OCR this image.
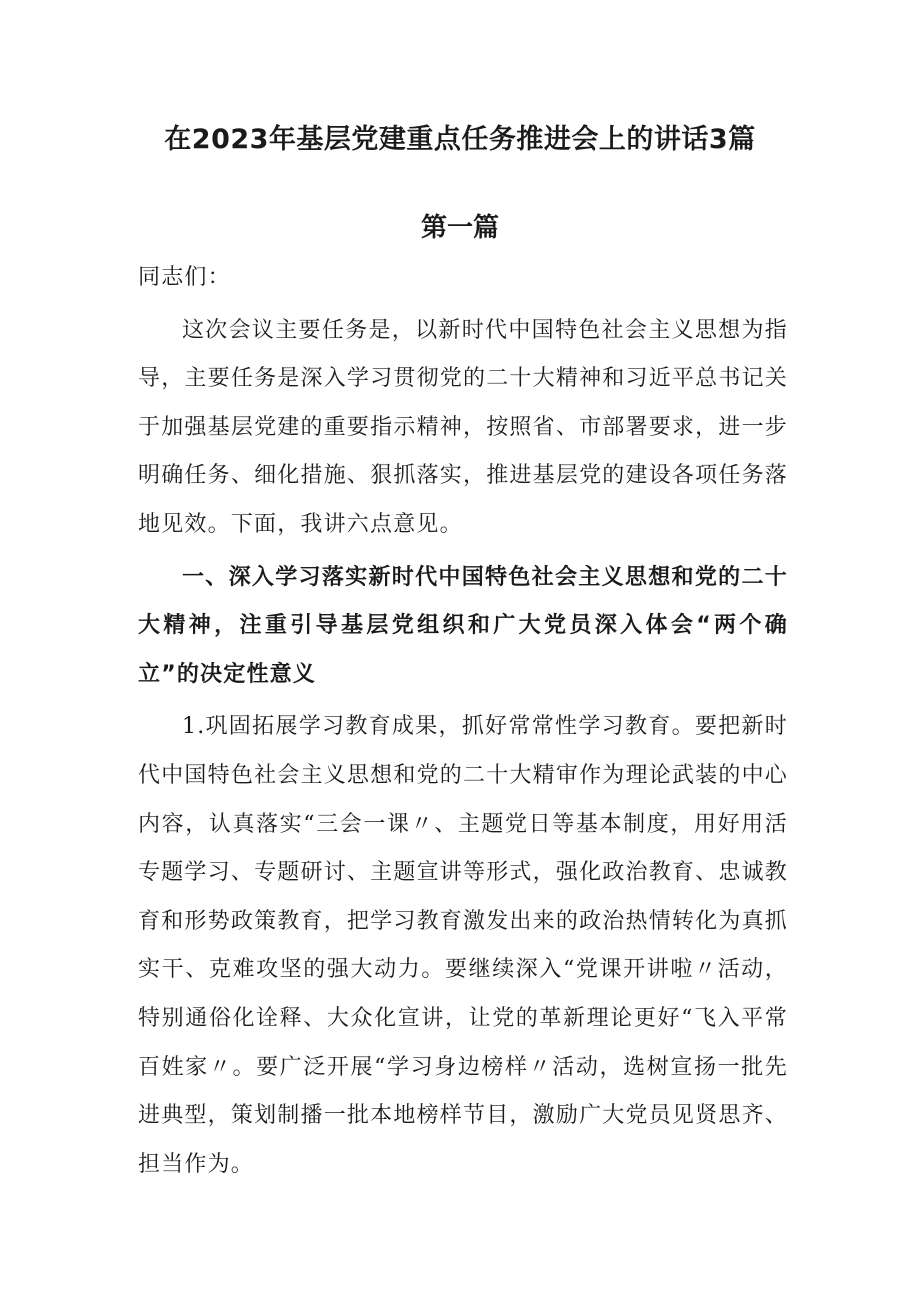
在2023年基层党建重点任务推进会上的讲话3篇
第一篇

同志们：

这次会议主要任务是，以新时代中国特色社会主义思想为指导，主要任务是深入学习贯彻党的二十大精神和习近平总书记关于加强基层党建的重要指示精神，按照省、市部署要求，进一步明确任务、细化措施、狠抓落实，推进基层党的建设各项任务落地见效。下面，我讲六点意见。

一、深入学习落实新时代中国特色社会主义思想和党的二十大精神，注重引导基层党组织和广大党员深入体会“两个确立”的决定性意义

1.巩固拓展学习教育成果，抓好常常性学习教育。要把新时代中国特色社会主义思想和党的二十大精审作为理论武装的中心内容，认真落实“三会一课〃、主题党日等基本制度，用好用活专题学习、专题研讨、主题宣讲等形式，强化政治教育、忠诚教育和形势政策教育，把学习教育激发出来的政治热情转化为真抓实干、克难攻坚的强大动力。要继续深入“党课开讲啦〃活动，特别通俗化诠释、大众化宣讲，让党的革新理论更好“飞入平常百姓家〃。要广泛开展“学习身边榜样〃活动，选树宣扬一批先进典型，策划制播一批本地榜样节目，激励广大党员见贤思齐、担当作为。
